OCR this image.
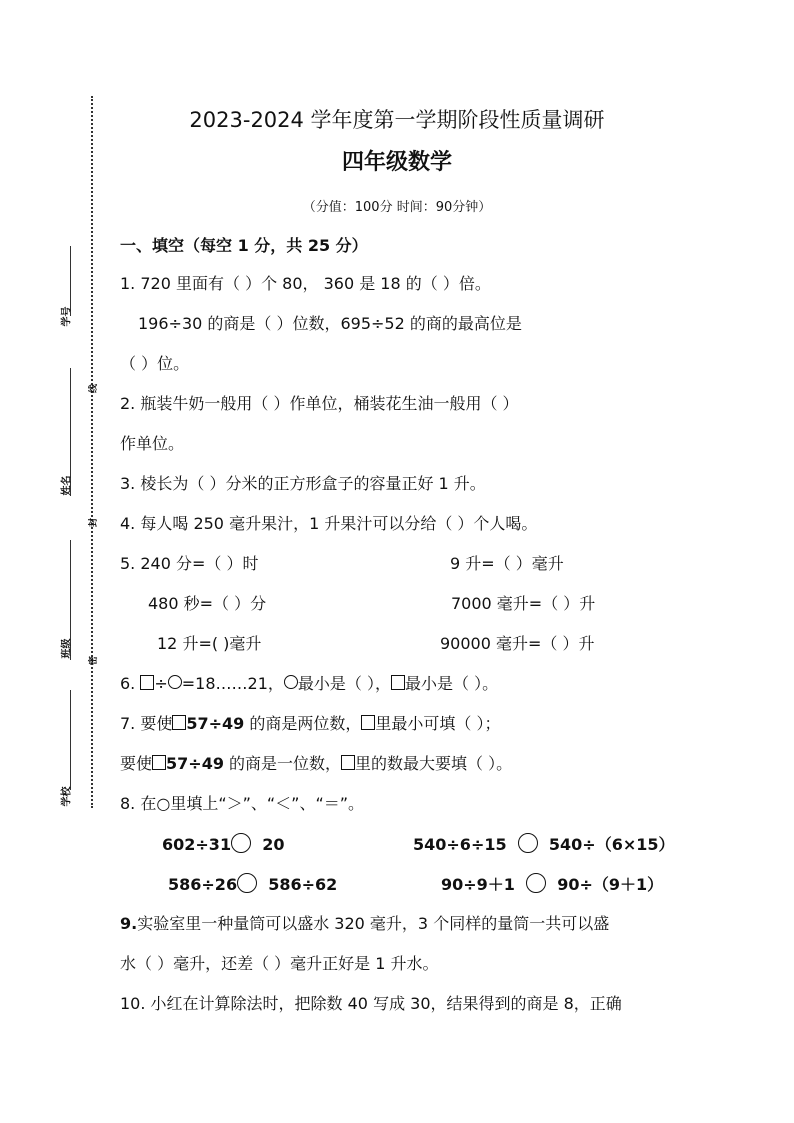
学号
姓名
班级
学校
线
封
密
2023-2024 学年度第一学期阶段性质量调研
四年级数学
（分值：100分 时间：90分钟）
一、填空（每空 1 分，共 25 分）
1. 720 里面有（ ）个 80， 360 是 18 的（ ）倍。
196÷30 的商是（ ）位数，695÷52 的商的最高位是
（ ）位。
2. 瓶装牛奶一般用（ ）作单位，桶装花生油一般用（ ）
作单位。
3. 棱长为（ ）分米的正方形盒子的容量正好 1 升。
4. 每人喝 250 毫升果汁，1 升果汁可以分给（ ）个人喝。
5. 240 分=（ ）时	9 升=（ ）毫升
480 秒=（ ）分	7000 毫升=（ ）升
12 升=( )毫升	90000 毫升=（ ）升
6. ÷ =18……21， 最小是（ ）， 最小是（ ）。
7. 要使 57÷49 的商是两位数， 里最小可填（ ）；
要使 57÷49 的商是一位数， 里的数最大要填（ ）。
8. 在○里填上“＞”、“＜”、“＝”。
602÷31 20	540÷6÷15	540÷（6×15）
586÷26 586÷62	90÷9＋1	90÷（9＋1）
9.实验室里一种量筒可以盛水 320 毫升，3 个同样的量筒一共可以盛
水（ ）毫升，还差（ ）毫升正好是 1 升水。
10. 小红在计算除法时，把除数 40 写成 30，结果得到的商是 8，正确
